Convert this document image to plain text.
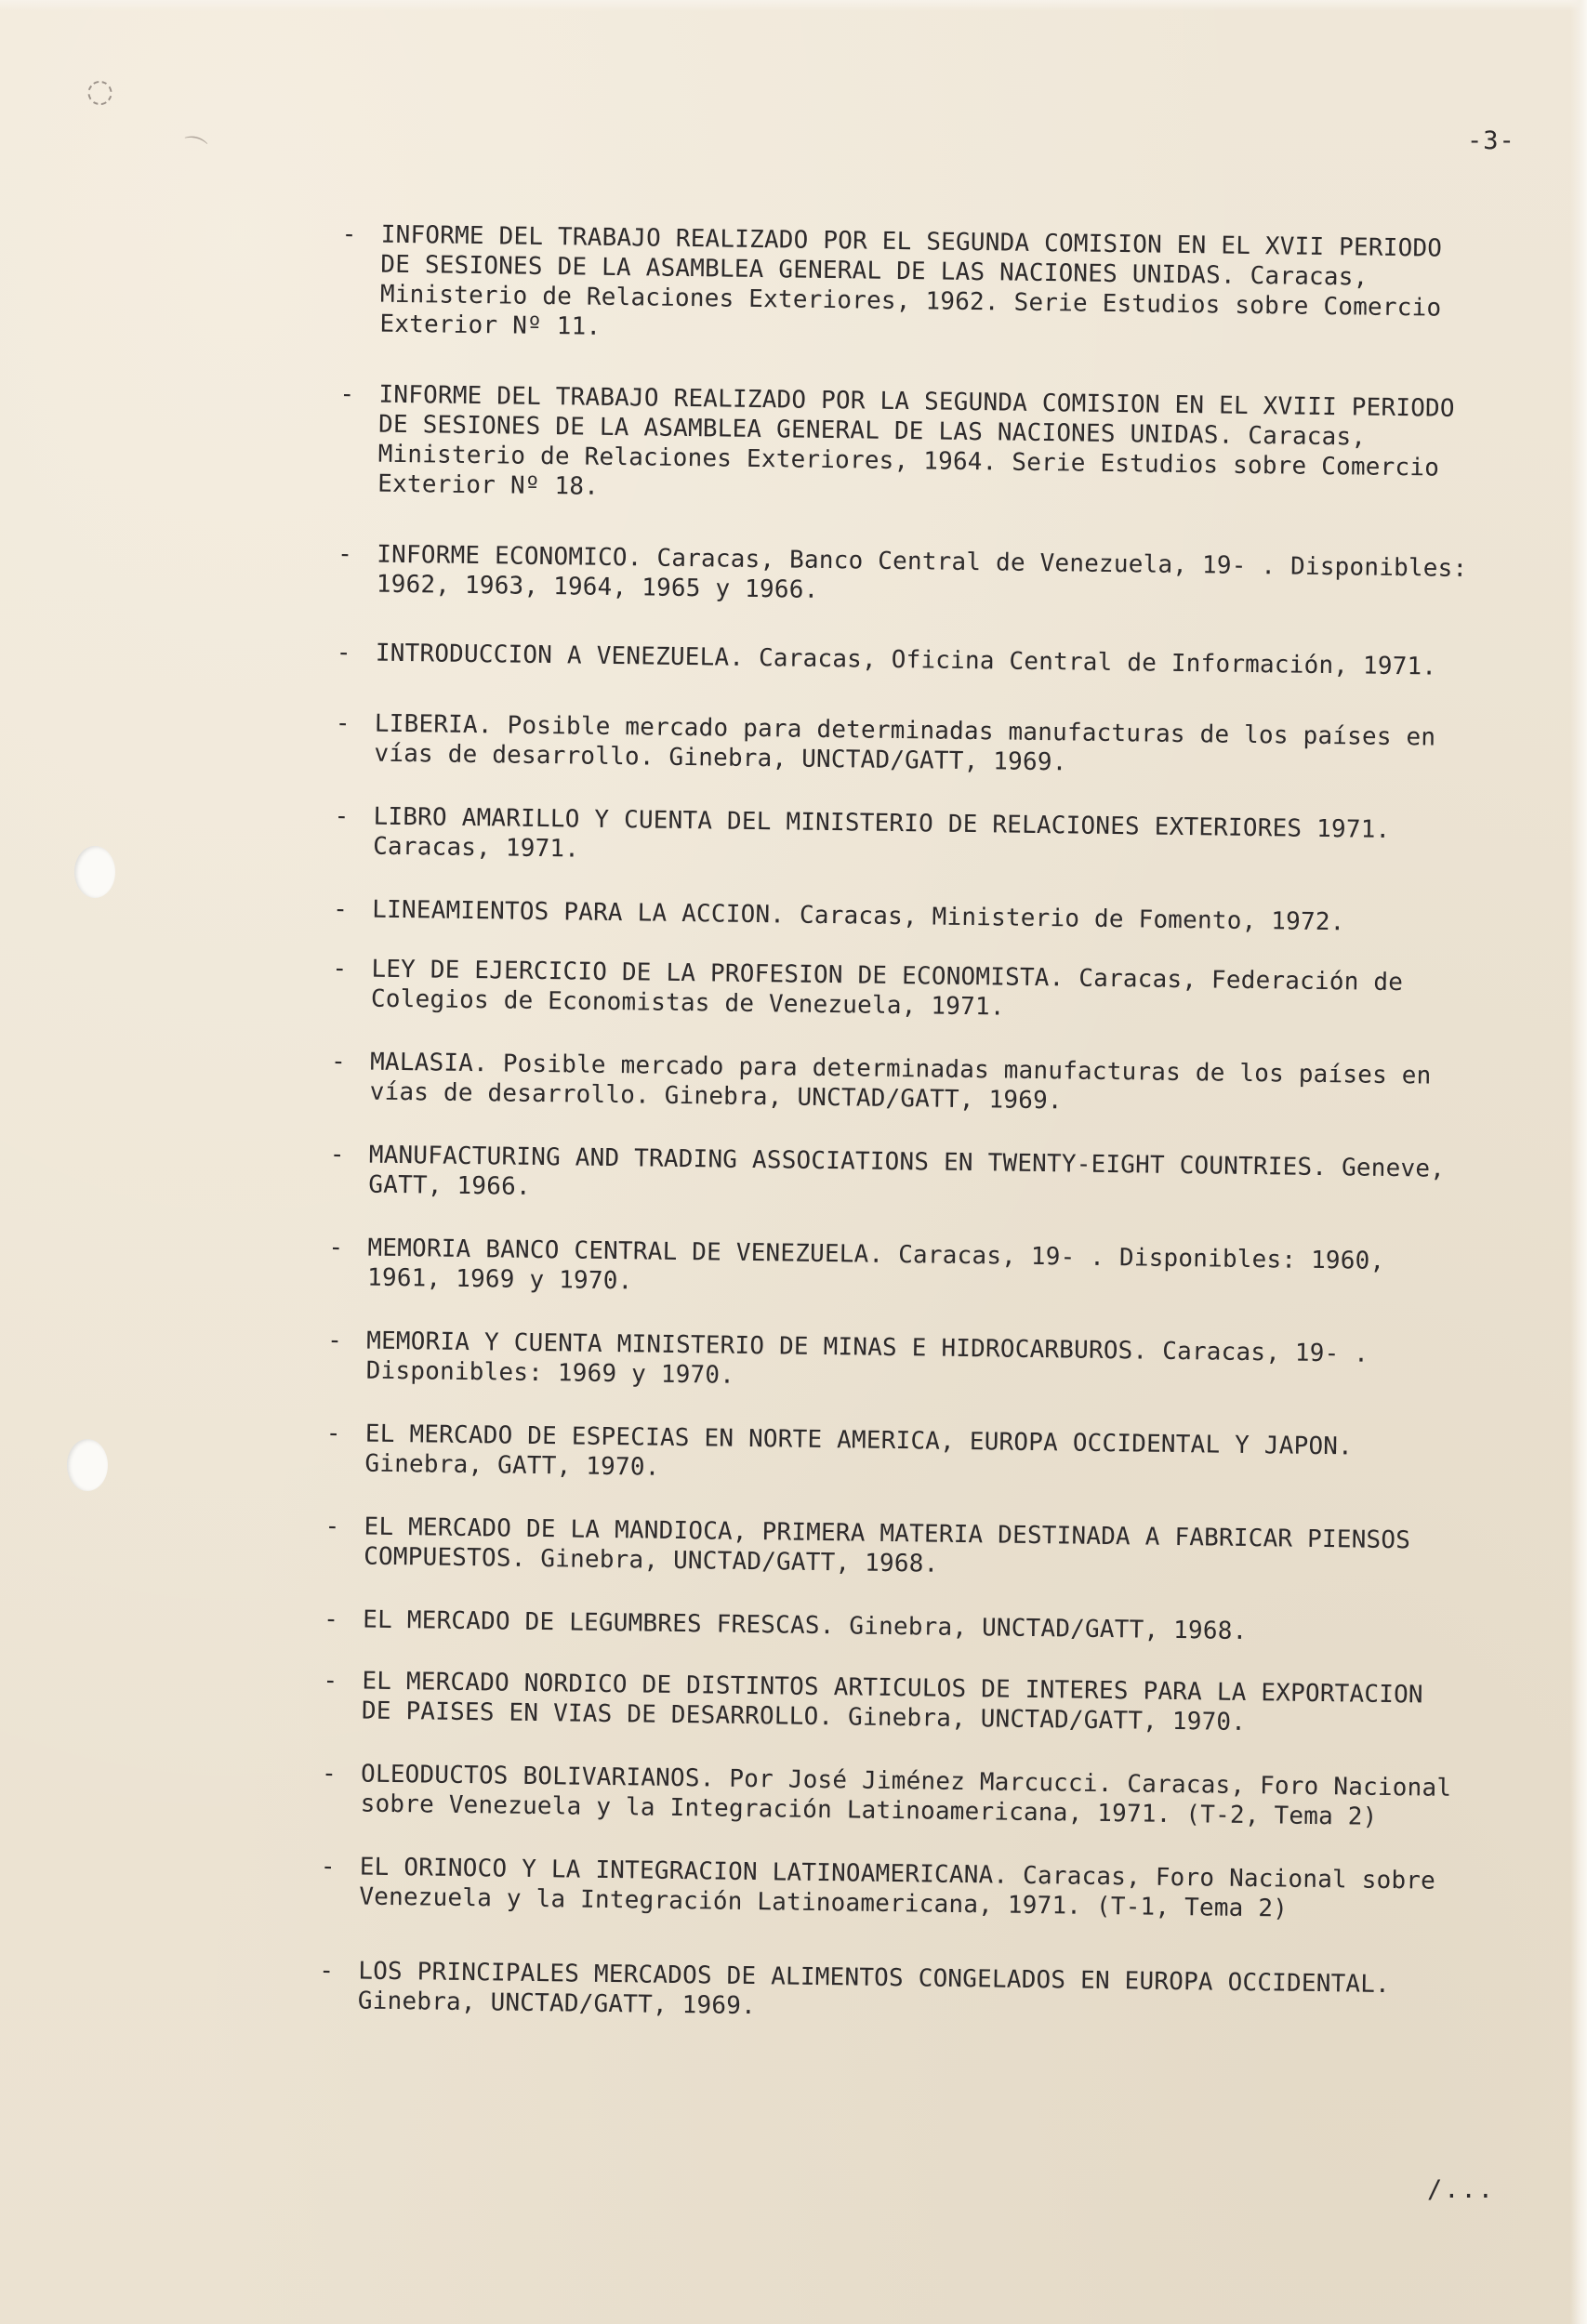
◌
⌒	-3-
- INFORME DEL TRABAJO REALIZADO POR EL SEGUNDA COMISION EN EL XVII PERIODO DE SESIONES DE LA ASAMBLEA GENERAL DE LAS NACIONES UNIDAS. Caracas, Ministerio de Relaciones Exteriores, 1962. Serie Estudios sobre Comercio Exterior Nº 11.
- INFORME DEL TRABAJO REALIZADO POR LA SEGUNDA COMISION EN EL XVIII PERIODO DE SESIONES DE LA ASAMBLEA GENERAL DE LAS NACIONES UNIDAS. Caracas, Ministerio de Relaciones Exteriores, 1964. Serie Estudios sobre Comercio Exterior Nº 18.
- INFORME ECONOMICO. Caracas, Banco Central de Venezuela, 19- . Disponibles: 1962, 1963, 1964, 1965 y 1966.
- INTRODUCCION A VENEZUELA. Caracas, Oficina Central de Información, 1971.
- LIBERIA. Posible mercado para determinadas manufacturas de los países en vías de desarrollo. Ginebra, UNCTAD/GATT, 1969.
- LIBRO AMARILLO Y CUENTA DEL MINISTERIO DE RELACIONES EXTERIORES 1971. Caracas, 1971.
- LINEAMIENTOS PARA LA ACCION. Caracas, Ministerio de Fomento, 1972.
- LEY DE EJERCICIO DE LA PROFESION DE ECONOMISTA. Caracas, Federación de Colegios de Economistas de Venezuela, 1971.
- MALASIA. Posible mercado para determinadas manufacturas de los países en vías de desarrollo. Ginebra, UNCTAD/GATT, 1969.
- MANUFACTURING AND TRADING ASSOCIATIONS EN TWENTY-EIGHT COUNTRIES. Geneve, GATT, 1966.
- MEMORIA BANCO CENTRAL DE VENEZUELA. Caracas, 19- . Disponibles: 1960, 1961, 1969 y 1970.
- MEMORIA Y CUENTA MINISTERIO DE MINAS E HIDROCARBUROS. Caracas, 19- . Disponibles: 1969 y 1970.
- EL MERCADO DE ESPECIAS EN NORTE AMERICA, EUROPA OCCIDENTAL Y JAPON. Ginebra, GATT, 1970.
- EL MERCADO DE LA MANDIOCA, PRIMERA MATERIA DESTINADA A FABRICAR PIENSOS COMPUESTOS. Ginebra, UNCTAD/GATT, 1968.
- EL MERCADO DE LEGUMBRES FRESCAS. Ginebra, UNCTAD/GATT, 1968.
- EL MERCADO NORDICO DE DISTINTOS ARTICULOS DE INTERES PARA LA EXPORTACION DE PAISES EN VIAS DE DESARROLLO. Ginebra, UNCTAD/GATT, 1970.
- OLEODUCTOS BOLIVARIANOS. Por José Jiménez Marcucci. Caracas, Foro Nacional sobre Venezuela y la Integración Latinoamericana, 1971. (T-2, Tema 2)
- EL ORINOCO Y LA INTEGRACION LATINOAMERICANA. Caracas, Foro Nacional sobre Venezuela y la Integración Latinoamericana, 1971. (T-1, Tema 2)
- LOS PRINCIPALES MERCADOS DE ALIMENTOS CONGELADOS EN EUROPA OCCIDENTAL. Ginebra, UNCTAD/GATT, 1969.
/...
